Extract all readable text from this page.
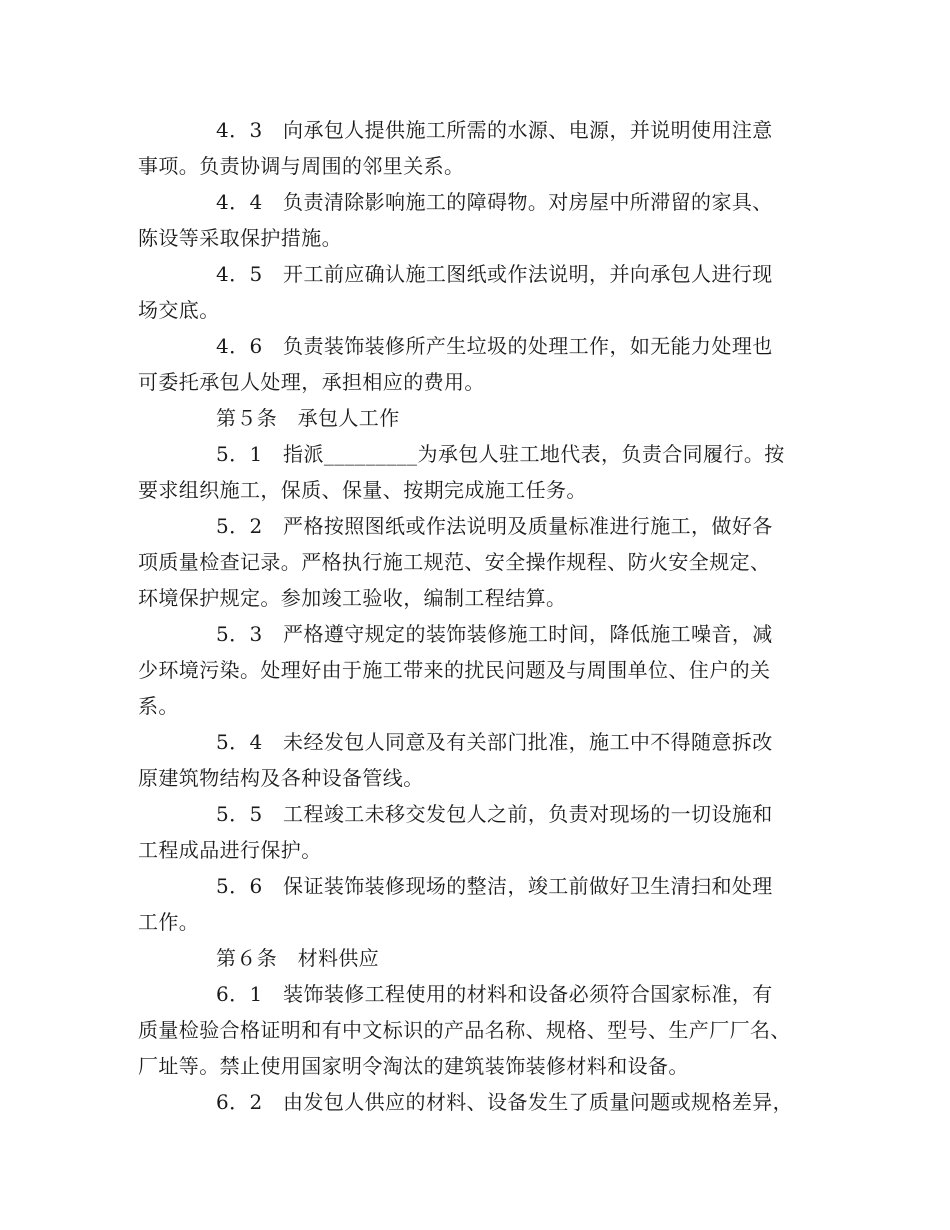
4．3　向承包人提供施工所需的水源、电源，并说明使用注意
事项。负责协调与周围的邻里关系。
4．4　负责清除影响施工的障碍物。对房屋中所滞留的家具、
陈设等采取保护措施。
4．5　开工前应确认施工图纸或作法说明，并向承包人进行现
场交底。
4．6　负责装饰装修所产生垃圾的处理工作，如无能力处理也
可委托承包人处理，承担相应的费用。
第５条　承包人工作
5．1　指派_________为承包人驻工地代表，负责合同履行。按
要求组织施工，保质、保量、按期完成施工任务。
5．2　严格按照图纸或作法说明及质量标准进行施工，做好各
项质量检查记录。严格执行施工规范、安全操作规程、防火安全规定、
环境保护规定。参加竣工验收，编制工程结算。
5．3　严格遵守规定的装饰装修施工时间，降低施工噪音，减
少环境污染。处理好由于施工带来的扰民问题及与周围单位、住户的关
系。
5．4　未经发包人同意及有关部门批准，施工中不得随意拆改
原建筑物结构及各种设备管线。
5．5　工程竣工未移交发包人之前，负责对现场的一切设施和
工程成品进行保护。
5．6　保证装饰装修现场的整洁，竣工前做好卫生清扫和处理
工作。
第６条　材料供应
6．1　装饰装修工程使用的材料和设备必须符合国家标准，有
质量检验合格证明和有中文标识的产品名称、规格、型号、生产厂厂名、
厂址等。禁止使用国家明令淘汰的建筑装饰装修材料和设备。
6．2　由发包人供应的材料、设备发生了质量问题或规格差异，
